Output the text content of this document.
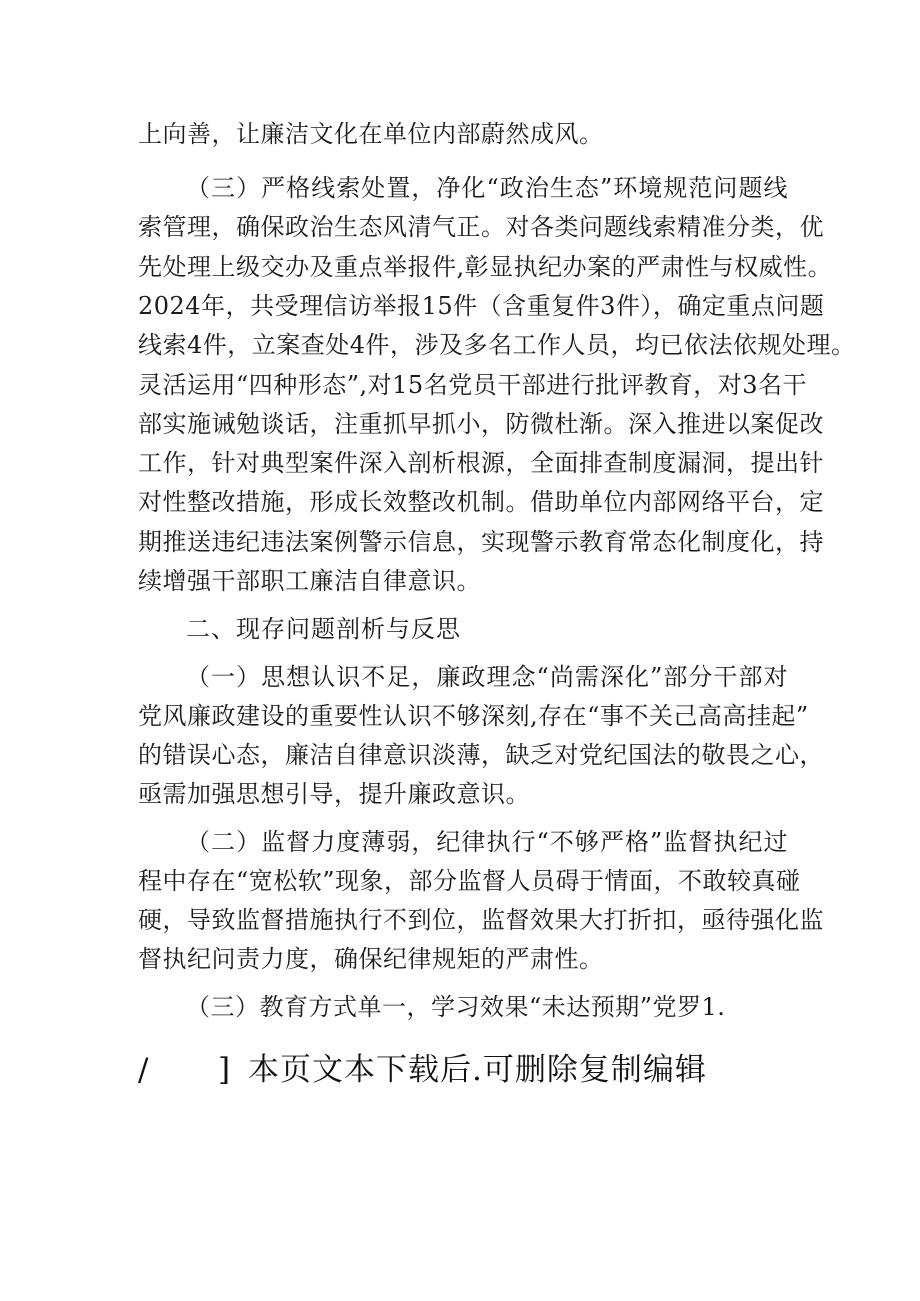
上向善，让廉洁文化在单位内部蔚然成风。
（三）严格线索处置，净化“政治生态”环境规范问题线
索管理，确保政治生态风清气正。对各类问题线索精准分类，优
先处理上级交办及重点举报件,彰显执纪办案的严肃性与权威性。
2024年，共受理信访举报15件（含重复件3件），确定重点问题
线索4件，立案查处4件，涉及多名工作人员，均已依法依规处理。
灵活运用“四种形态”,对15名党员干部进行批评教育，对3名干
部实施诫勉谈话，注重抓早抓小，防微杜渐。深入推进以案促改
工作，针对典型案件深入剖析根源，全面排查制度漏洞，提出针
对性整改措施，形成长效整改机制。借助单位内部网络平台，定
期推送违纪违法案例警示信息，实现警示教育常态化制度化，持
续增强干部职工廉洁自律意识。
二、现存问题剖析与反思
（一）思想认识不足，廉政理念“尚需深化”部分干部对
党风廉政建设的重要性认识不够深刻,存在“事不关己高高挂起”
的错误心态，廉洁自律意识淡薄，缺乏对党纪国法的敬畏之心，
亟需加强思想引导，提升廉政意识。
（二）监督力度薄弱，纪律执行“不够严格”监督执纪过
程中存在“宽松软”现象，部分监督人员碍于情面，不敢较真碰
硬，导致监督措施执行不到位，监督效果大打折扣，亟待强化监
督执纪问责力度，确保纪律规矩的严肃性。
（三）教育方式单一，学习效果“未达预期”党罗1.
/ ] 本页文本下载后.可删除复制编辑
